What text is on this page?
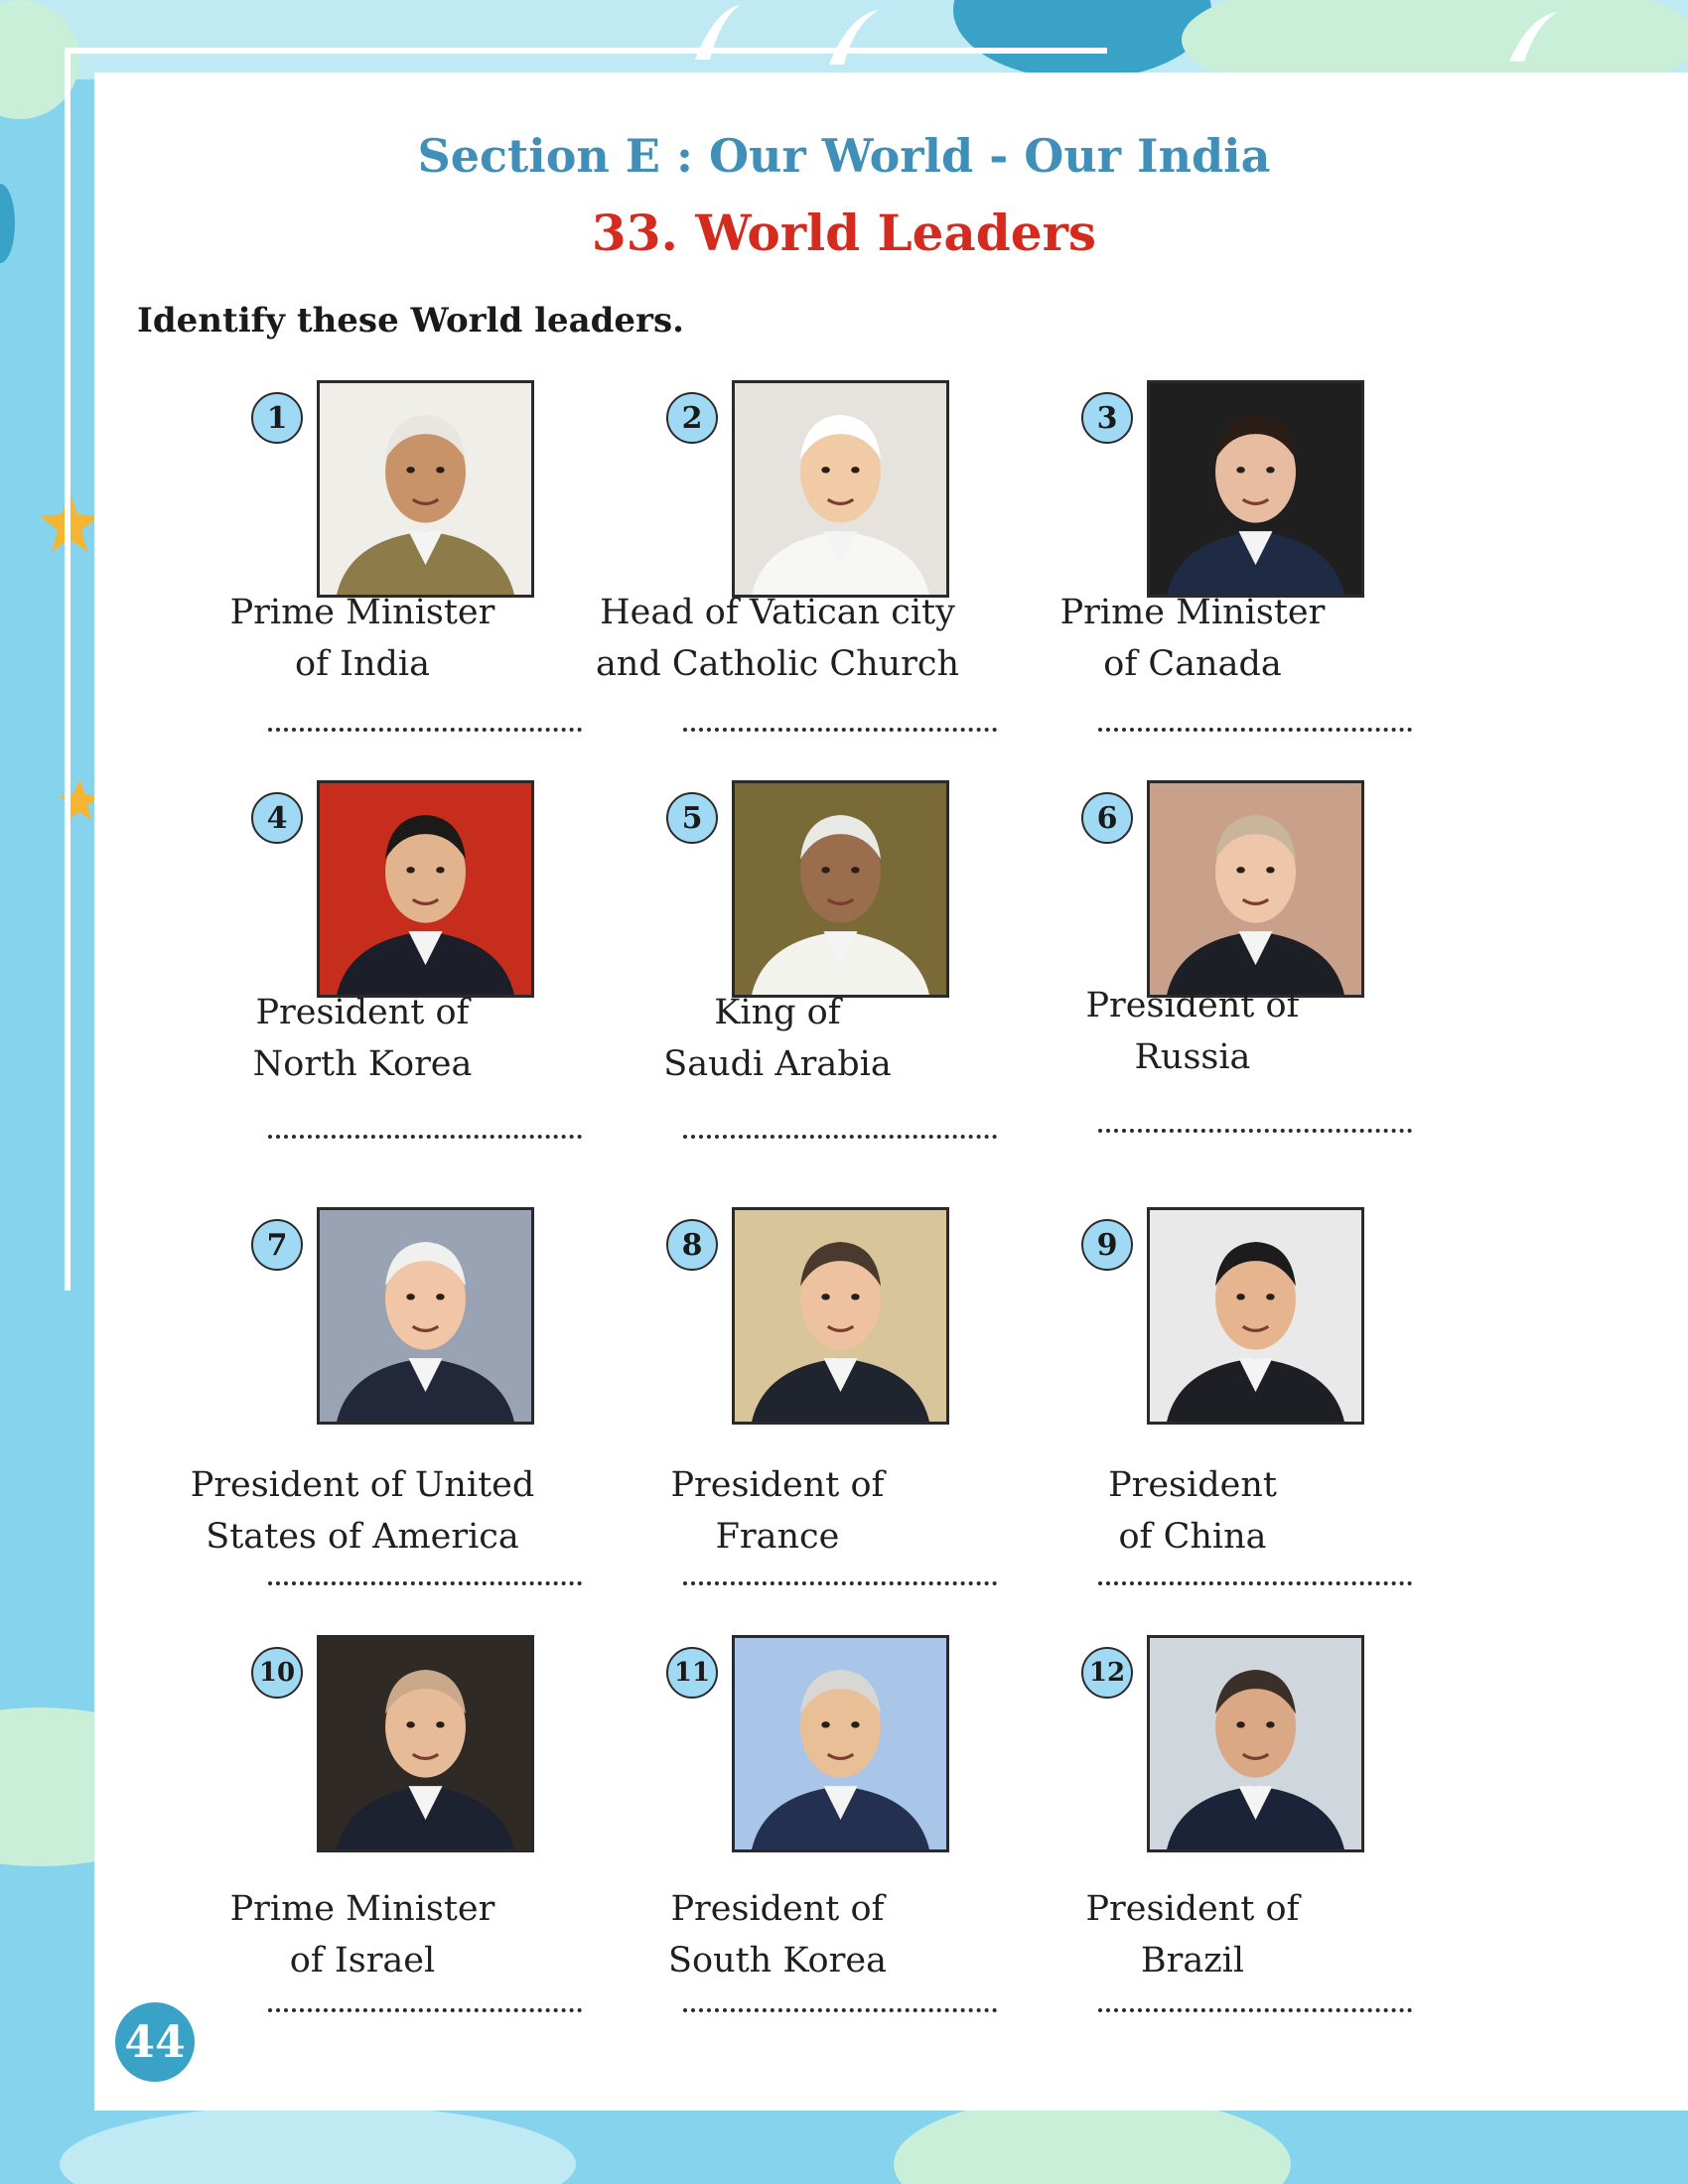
Section E : Our World - Our India
33. World Leaders
Identify these World leaders.
1
Prime Minister
of India
2
Head of Vatican city
and Catholic Church
3
Prime Minister
of Canada
4
President of
North Korea
5
King of
Saudi Arabia
6
President of
Russia
7
President of United
States of America
8
President of
France
9
President
of China
10
Prime Minister
of Israel
11
President of
South Korea
12
President of
Brazil
44
